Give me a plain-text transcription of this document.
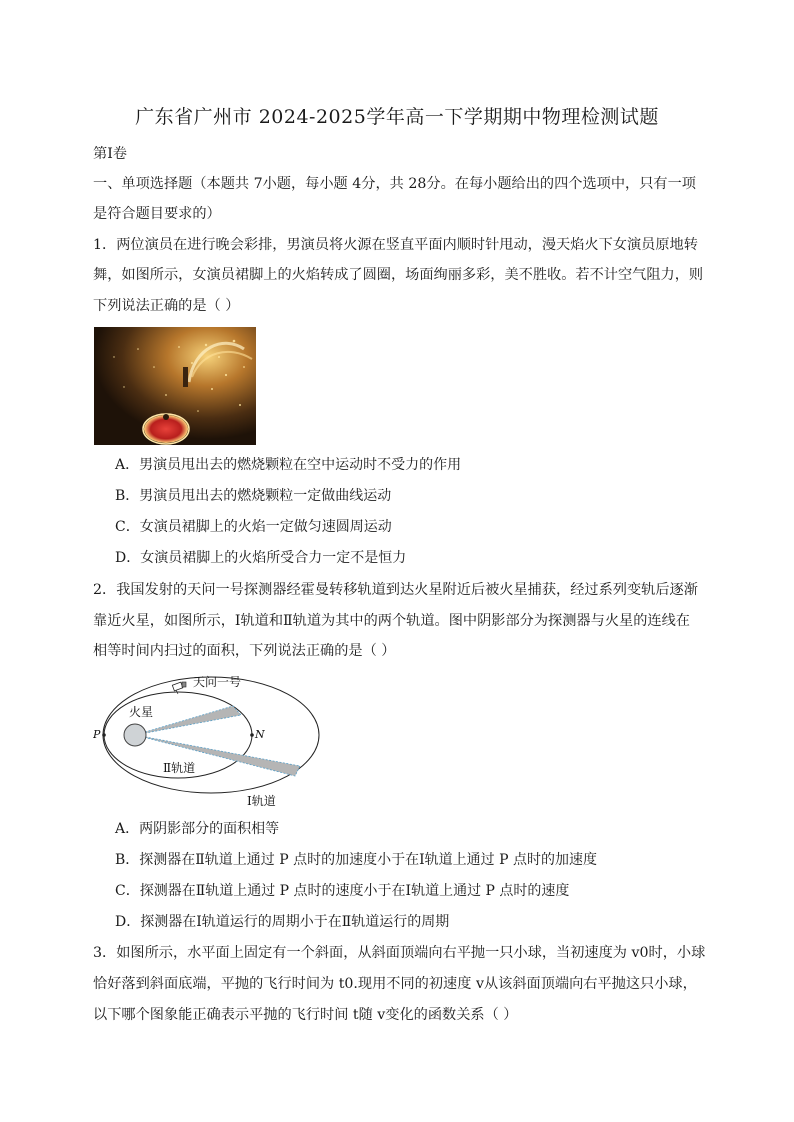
广东省广州市 2024-2025学年高一下学期期中物理检测试题
第Ⅰ卷
一、单项选择题（本题共 7小题，每小题 4分，共 28分。在每小题给出的四个选项中，只有一项
是符合题目要求的）
1．两位演员在进行晚会彩排，男演员将火源在竖直平面内顺时针甩动，漫天焰火下女演员原地转
舞，如图所示，女演员裙脚上的火焰转成了圆圈，场面绚丽多彩，美不胜收。若不计空气阻力，则
下列说法正确的是（ ）
A．男演员甩出去的燃烧颗粒在空中运动时不受力的作用
B．男演员甩出去的燃烧颗粒一定做曲线运动
C．女演员裙脚上的火焰一定做匀速圆周运动
D．女演员裙脚上的火焰所受合力一定不是恒力
2．我国发射的天问一号探测器经霍曼转移轨道到达火星附近后被火星捕获，经过系列变轨后逐渐
靠近火星，如图所示，Ⅰ轨道和Ⅱ轨道为其中的两个轨道。图中阴影部分为探测器与火星的连线在
相等时间内扫过的面积，下列说法正确的是（ ）
天问一号
火星
P	N
Ⅱ轨道
Ⅰ轨道
A．两阴影部分的面积相等
B．探测器在Ⅱ轨道上通过 P 点时的加速度小于在Ⅰ轨道上通过 P 点时的加速度
C．探测器在Ⅱ轨道上通过 P 点时的速度小于在Ⅰ轨道上通过 P 点时的速度
D．探测器在Ⅰ轨道运行的周期小于在Ⅱ轨道运行的周期
3．如图所示，水平面上固定有一个斜面，从斜面顶端向右平抛一只小球，当初速度为 v0时，小球
恰好落到斜面底端，平抛的飞行时间为 t0.现用不同的初速度 v从该斜面顶端向右平抛这只小球，
以下哪个图象能正确表示平抛的飞行时间 t随 v变化的函数关系（ ）
